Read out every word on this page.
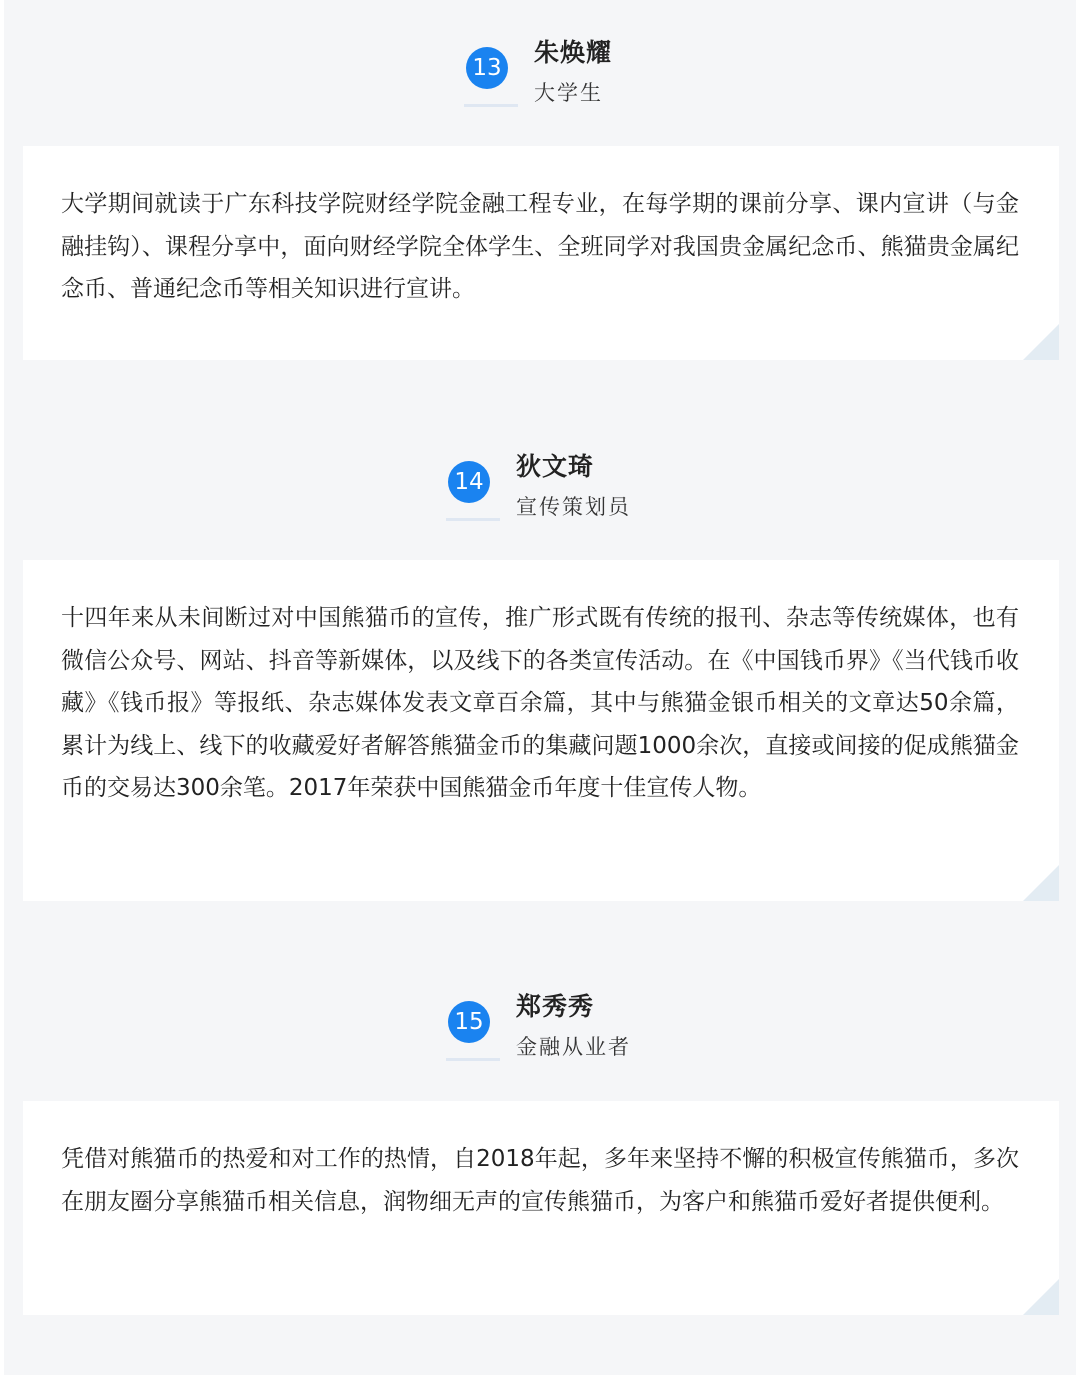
13
朱焕耀
大学生

大学期间就读于广东科技学院财经学院金融工程专业，在每学期的课前分享、课内宣讲（与金融挂钩）、课程分享中，面向财经学院全体学生、全班同学对我国贵金属纪念币、熊猫贵金属纪念币、普通纪念币等相关知识进行宣讲。

14
狄文琦
宣传策划员

十四年来从未间断过对中国熊猫币的宣传，推广形式既有传统的报刊、杂志等传统媒体，也有微信公众号、网站、抖音等新媒体，以及线下的各类宣传活动。在《中国钱币界》《当代钱币收藏》《钱币报》等报纸、杂志媒体发表文章百余篇，其中与熊猫金银币相关的文章达50余篇，累计为线上、线下的收藏爱好者解答熊猫金币的集藏问题1000余次，直接或间接的促成熊猫金币的交易达300余笔。2017年荣获中国熊猫金币年度十佳宣传人物。

15
郑秀秀
金融从业者

凭借对熊猫币的热爱和对工作的热情，自2018年起，多年来坚持不懈的积极宣传熊猫币，多次在朋友圈分享熊猫币相关信息，润物细无声的宣传熊猫币，为客户和熊猫币爱好者提供便利。
